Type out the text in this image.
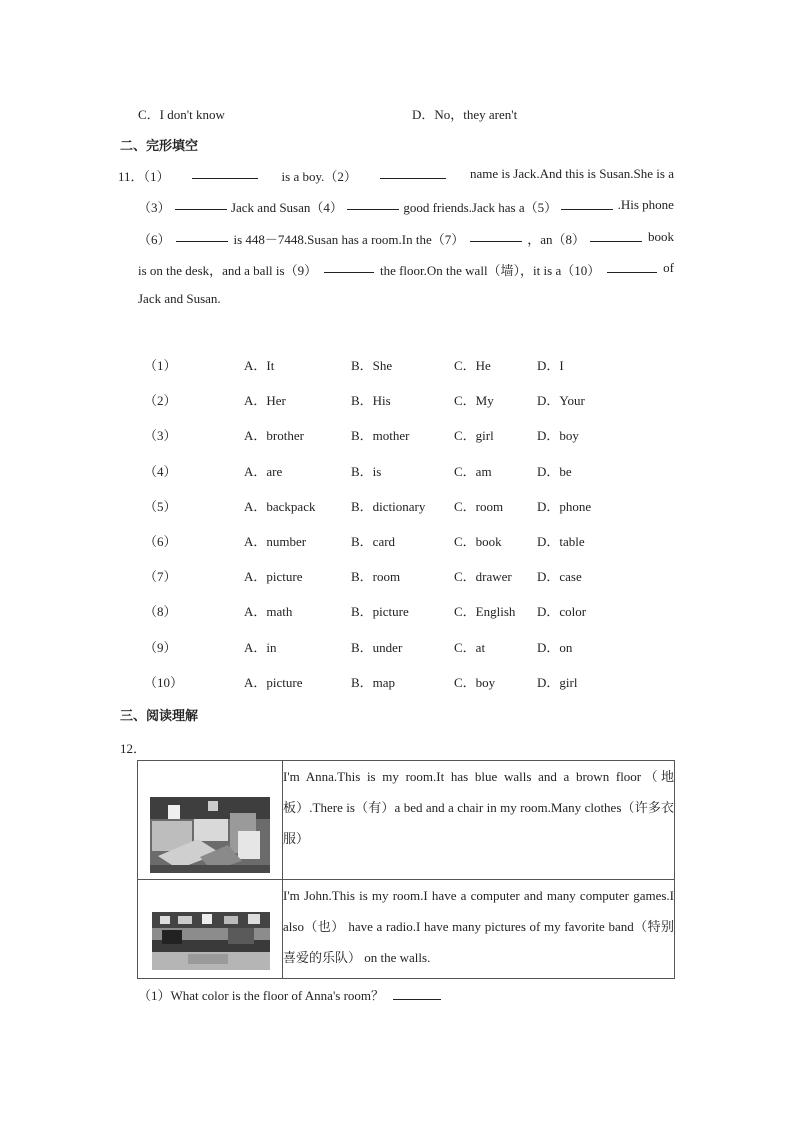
C．I don't know	D．No，they aren't
二、完形填空
11．（1）	is a boy.（2）	name is Jack.And this is Susan.She is a
（3）	Jack and Susan（4）	good friends.Jack has a（5）	.His phone
（6）	is 448－7448.Susan has a room.In the（7）	，an（8）	book
is on the desk，and a ball is（9）	the floor.On the wall（墙），it is a（10）	of
Jack and Susan.
（1）	A．It	B．She	C．He	D．I
（2）	A．Her	B．His	C．My	D．Your
（3）	A．brother	B．mother	C．girl	D．boy
（4）	A．are	B．is	C．am	D．be
（5）	A．backpack	B．dictionary C．room	D．phone
（6）	A．number	B．card	C．book	D．table
（7）	A．picture	B．room	C．drawer D．case
（8）	A．math	B．picture	C．English D．color
（9）	A．in	B．under	C．at	D．on
（10）	A．picture	B．map	C．boy	D．girl
三、阅读理解
12．
	I'm Anna.This is my room.It has blue walls and a brown floor（地板）.There is（有）a bed and a chair in my room.Many clothes（许多衣服）

	I'm John.This is my room.I have a computer and many computer games.I also（也） have a radio.I have many pictures of my favorite band（特别喜爱的乐队） on the walls.
（1）What color is the floor of Anna's room？
